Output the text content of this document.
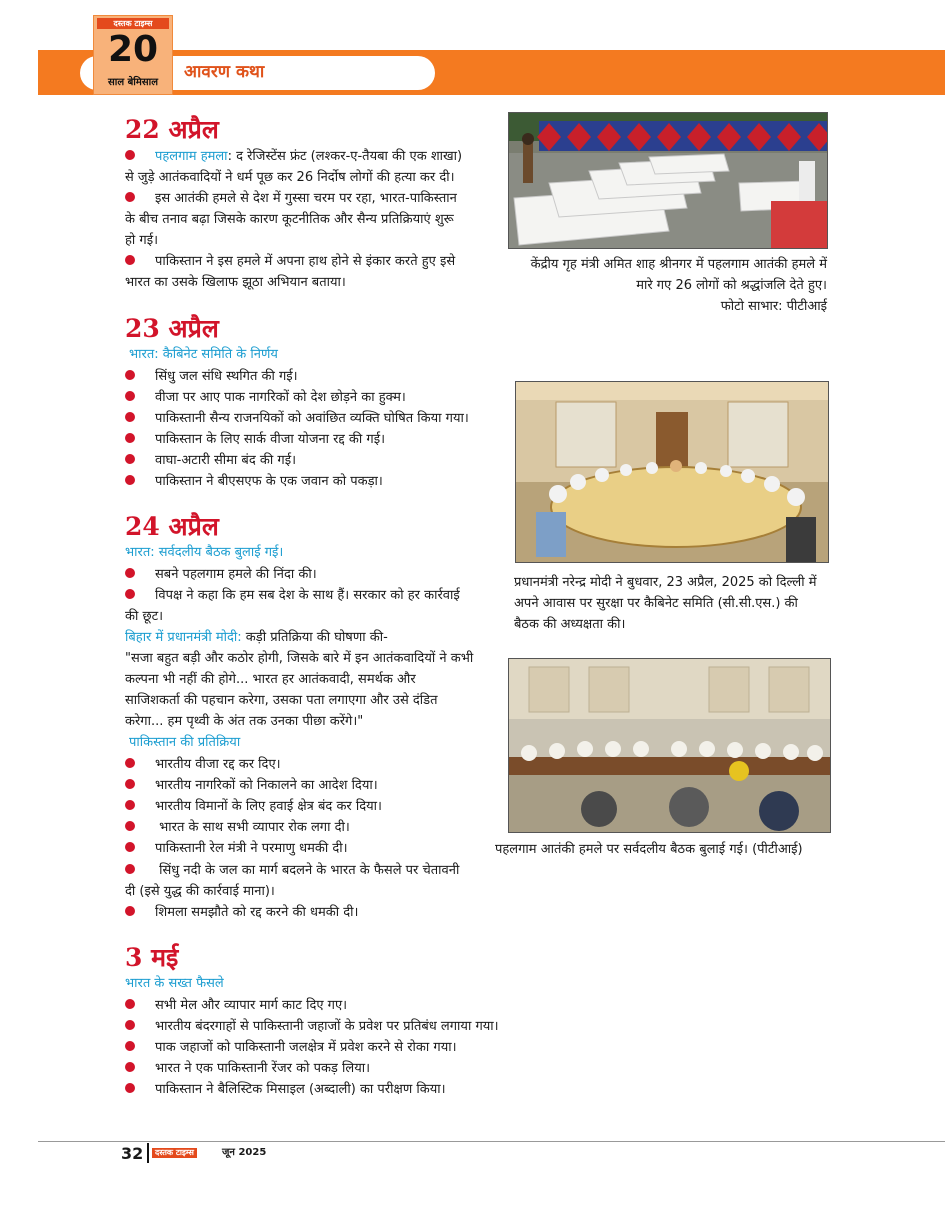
आवरण कथा
दस्तक टाइम्स
20
साल बेमिसाल
22 अप्रैल
पहलगाम हमला: द रेजिस्टेंस फ्रंट (लश्कर-ए-तैयबा की एक शाखा)
से जुड़े आतंकवादियों ने धर्म पूछ कर 26 निर्दोष लोगों की हत्या कर दी।
इस आतंकी हमले से देश में गुस्सा चरम पर रहा, भारत-पाकिस्तान
के बीच तनाव बढ़ा जिसके कारण कूटनीतिक और सैन्य प्रतिक्रियाएं शुरू
हो गई।
पाकिस्तान ने इस हमले में अपना हाथ होने से इंकार करते हुए इसे
भारत का उसके खिलाफ झूठा अभियान बताया।
23 अप्रैल
भारत: कैबिनेट समिति के निर्णय
सिंधु जल संधि स्थगित की गई।
वीजा पर आए पाक नागरिकों को देश छोड़ने का हुक्म।
पाकिस्तानी सैन्य राजनयिकों को अवांछित व्यक्ति घोषित किया गया।
पाकिस्तान के लिए सार्क वीजा योजना रद्द की गई।
वाघा-अटारी सीमा बंद की गई।
पाकिस्तान ने बीएसएफ के एक जवान को पकड़ा।
24 अप्रैल
भारत: सर्वदलीय बैठक बुलाई गई।
सबने पहलगाम हमले की निंदा की।
विपक्ष ने कहा कि हम सब देश के साथ हैं। सरकार को हर कार्रवाई
की छूट।
बिहार में प्रधानमंत्री मोदी: कड़ी प्रतिक्रिया की घोषणा की-
"सजा बहुत बड़ी और कठोर होगी, जिसके बारे में इन आतंकवादियों ने कभी
कल्पना भी नहीं की होगे... भारत हर आतंकवादी, समर्थक और
साजिशकर्ता की पहचान करेगा, उसका पता लगाएगा और उसे दंडित
करेगा... हम पृथ्वी के अंत तक उनका पीछा करेंगे।"
पाकिस्तान की प्रतिक्रिया
भारतीय वीजा रद्द कर दिए।
भारतीय नागरिकों को निकालने का आदेश दिया।
भारतीय विमानों के लिए हवाई क्षेत्र बंद कर दिया।
भारत के साथ सभी व्यापार रोक लगा दी।
पाकिस्तानी रेल मंत्री ने परमाणु धमकी दी।
सिंधु नदी के जल का मार्ग बदलने के भारत के फैसले पर चेतावनी
दी (इसे युद्ध की कार्रवाई माना)।
शिमला समझौते को रद्द करने की धमकी दी।
3 मई
भारत के सख्त फैसले
सभी मेल और व्यापार मार्ग काट दिए गए।
भारतीय बंदरगाहों से पाकिस्तानी जहाजों के प्रवेश पर प्रतिबंध लगाया गया।
पाक जहाजों को पाकिस्तानी जलक्षेत्र में प्रवेश करने से रोका गया।
भारत ने एक पाकिस्तानी रेंजर को पकड़ लिया।
पाकिस्तान ने बैलिस्टिक मिसाइल (अब्दाली) का परीक्षण किया।
केंद्रीय गृह मंत्री अमित शाह श्रीनगर में पहलगाम आतंकी हमले में
मारे गए 26 लोगों को श्रद्धांजलि देते हुए।
फोटो साभार: पीटीआई
प्रधानमंत्री नरेन्द्र मोदी ने बुधवार, 23 अप्रैल, 2025 को दिल्ली में
अपने आवास पर सुरक्षा पर कैबिनेट समिति (सी.सी.एस.) की
बैठक की अध्यक्षता की।
पहलगाम आतंकी हमले पर सर्वदलीय बैठक बुलाई गई। (पीटीआई)
32	दस्तक टाइम्स	जून 2025
